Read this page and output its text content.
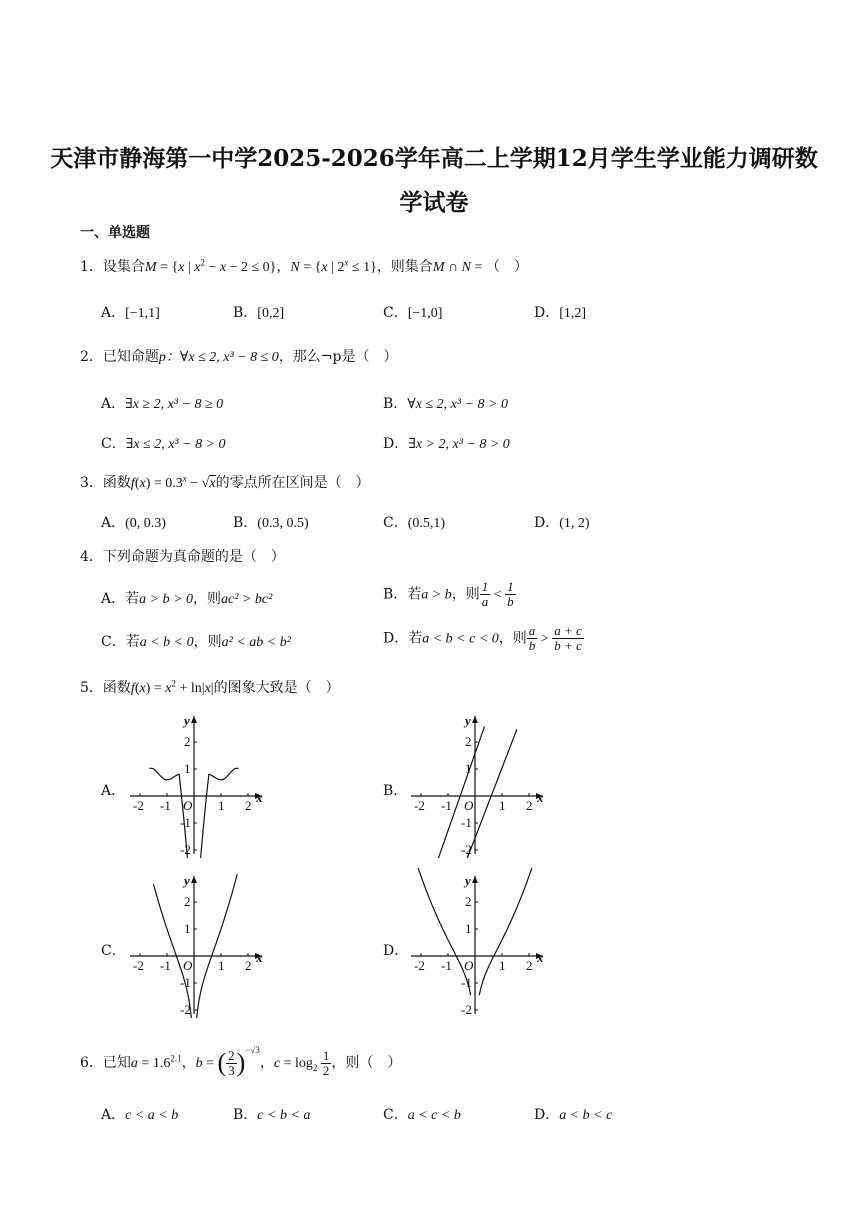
天津市静海第一中学2025-2026学年高二上学期12月学生学业能力调研数
学试卷
一、单选题
1．设集合M = {x | $x^2 - x - 2 \le 0$}，N = {x | $2^x \le 1$}，则集合M ∩ N = （　）
A．[−1,1]	B．[0,2]	C．[−1,0]	D．[1,2]
2．已知命题p：∀x ≤ 2, x³ − 8 ≤ 0，那么¬p是（　）
A．∃x ≥ 2, x³ − 8 ≥ 0	B．∀x ≤ 2, x³ − 8 > 0
C．∃x ≤ 2, x³ − 8 > 0	D．∃x > 2, x³ − 8 > 0
3．函数$f(x) = 0.3^x - √x$的零点所在区间是（　）
A．(0, 0.3)	B．(0.3, 0.5)	C．(0.5,1)	D．(1, 2)
4．下列命题为真命题的是（　）
A．若a > b > 0，则ac² > bc²	B．若a > b，则 $\frac{1}{a} < \frac{1}{b}$
C．若a < b < 0，则a² < ab < b²	D．若a < b < c < 0，则 $\frac{a}{b} > \frac{a + c}{b + c}$
5．函数$f(x) = x^2 + \ln|x|$的图象大致是（　）
A．	B．
C．	D．
x
y
O
-2 -1	1 2
2
1
-1
-2
x
y
O
-2 -1	1 2
2
1
-1
-2
x
y
O
-2 -1	1 2
2
1
-1
-2
x
y
O
-2 -1	1 2
2
1
-1
-2
6．已知$a = 1.6^{2.1}$，b = ( $\frac{2}{3} )^{-√3}$，$c = \log_2 \frac{1}{2}$ ，则（　）
A．c < a < b	B．c < b < a	C．a < c < b	D．a < b < c
